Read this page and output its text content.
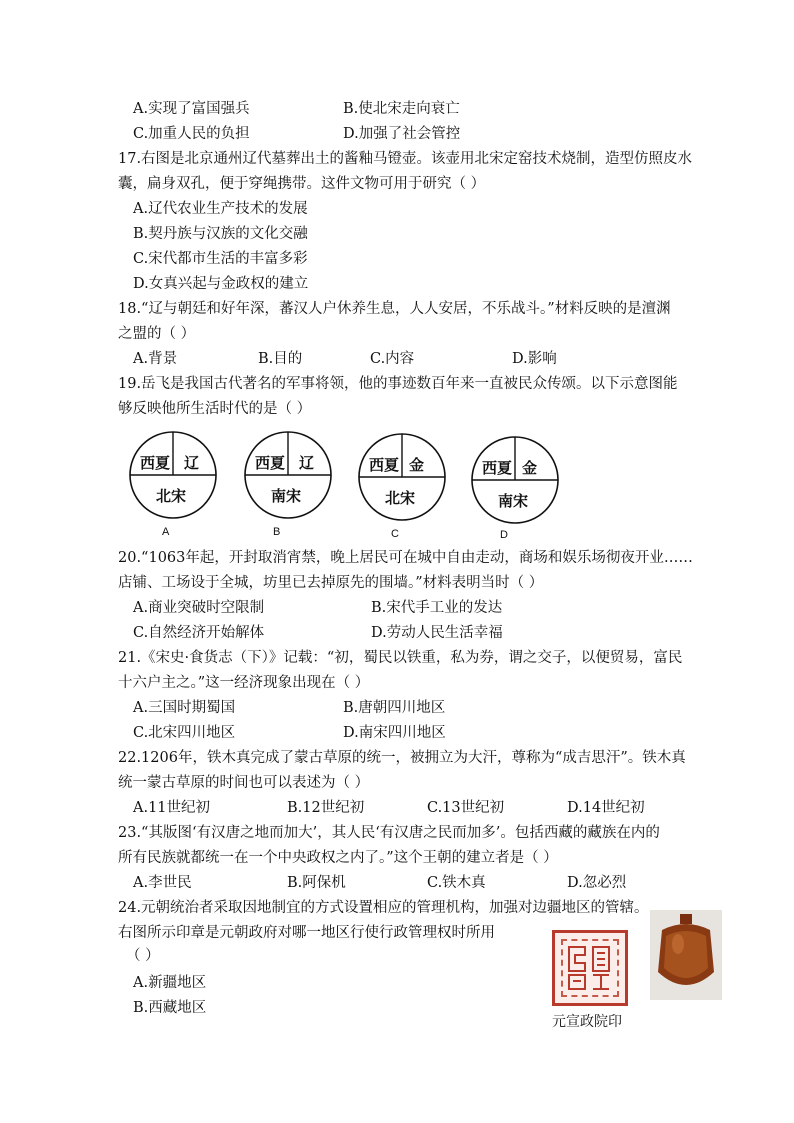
A.实现了富国强兵	B.使北宋走向衰亡
C.加重人民的负担	D.加强了社会管控
17.右图是北京通州辽代墓葬出土的酱釉马镫壶。该壶用北宋定窑技术烧制，造型仿照皮水
囊，扁身双孔，便于穿绳携带。这件文物可用于研究（ ）
A.辽代农业生产技术的发展
B.契丹族与汉族的文化交融
C.宋代都市生活的丰富多彩
D.女真兴起与金政权的建立
18.“辽与朝廷和好年深，蕃汉人户休养生息，人人安居，不乐战斗。”材料反映的是澶渊
之盟的（ ）
A.背景	B.目的	C.内容	D.影响
19.岳飞是我国古代著名的军事将领，他的事迹数百年来一直被民众传颂。以下示意图能
够反映他所生活时代的是（ ）
西夏 辽
北宋
A
西夏 辽
南宋
B
西夏 金
北宋
C
西夏 金
南宋
D
20.“1063年起，开封取消宵禁，晚上居民可在城中自由走动，商场和娱乐场彻夜开业……
店铺、工场设于全城，坊里已去掉原先的围墙。”材料表明当时（ ）
A.商业突破时空限制	B.宋代手工业的发达
C.自然经济开始解体	D.劳动人民生活幸福
21.《宋史·食货志（下）》记载：“初，蜀民以铁重，私为券，谓之交子，以便贸易，富民
十六户主之。”这一经济现象出现在（ ）
A.三国时期蜀国	B.唐朝四川地区
C.北宋四川地区	D.南宋四川地区
22.1206年，铁木真完成了蒙古草原的统一，被拥立为大汗，尊称为“成吉思汗”。铁木真
统一蒙古草原的时间也可以表述为（ ）
A.11世纪初	B.12世纪初	C.13世纪初	D.14世纪初
23.“其版图‘有汉唐之地而加大’，其人民‘有汉唐之民而加多’。包括西藏的藏族在内的
所有民族就都统一在一个中央政权之内了。”这个王朝的建立者是（ ）
A.李世民	B.阿保机	C.铁木真	D.忽必烈
24.元朝统治者采取因地制宜的方式设置相应的管理机构，加强对边疆地区的管辖。
右图所示印章是元朝政府对哪一地区行使行政管理权时所用
（ ）
A.新疆地区
B.西藏地区
元宣政院印
